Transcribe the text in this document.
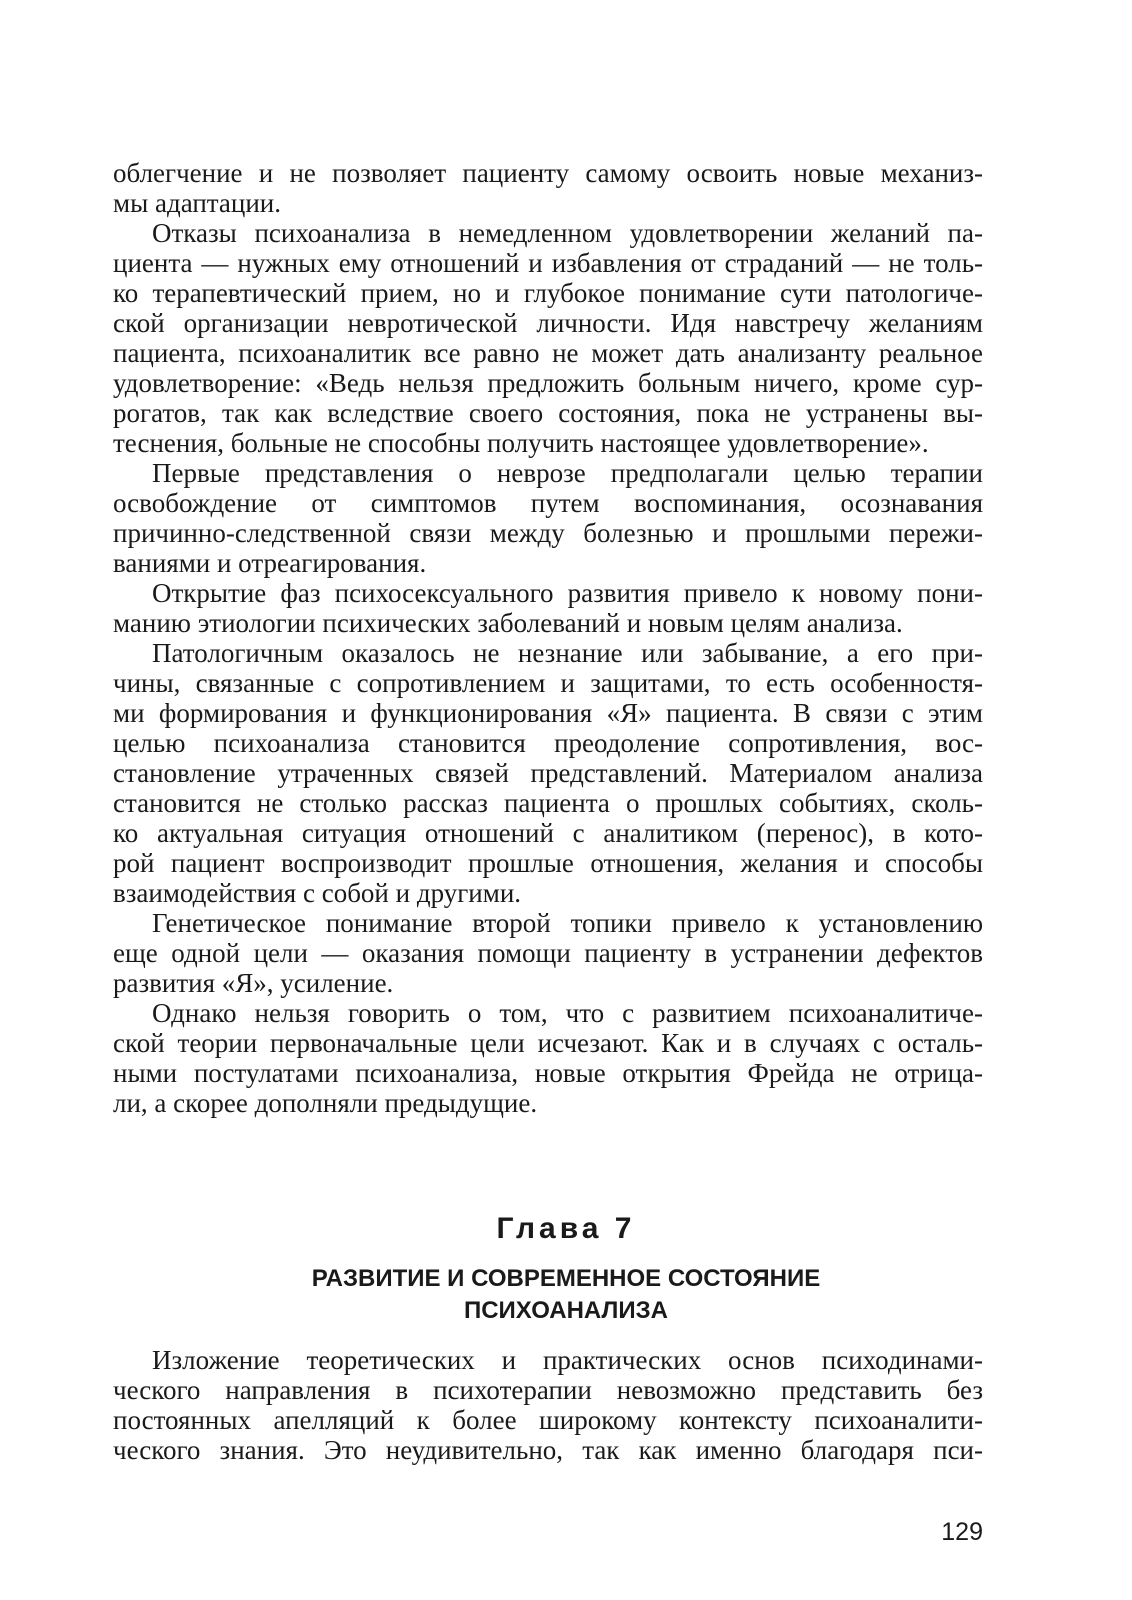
облегчение и не позволяет пациенту самому освоить новые механиз-

мы адаптации.

Отказы психоанализа в немедленном удовлетворении желаний па-

циента — нужных ему отношений и избавления от страданий — не толь-

ко терапевтический прием, но и глубокое понимание сути патологиче-

ской организации невротической личности. Идя навстречу желаниям

пациента, психоаналитик все равно не может дать анализанту реальное

удовлетворение: «Ведь нельзя предложить больным ничего, кроме сур-

рогатов, так как вследствие своего состояния, пока не устранены вы-

теснения, больные не способны получить настоящее удовлетворение».

Первые представления о неврозе предполагали целью терапии

освобождение от симптомов путем воспоминания, осознавания

причинно-следственной связи между болезнью и прошлыми пережи-

ваниями и отреагирования.

Открытие фаз психосексуального развития привело к новому пони-

манию этиологии психических заболеваний и новым целям анализа.

Патологичным оказалось не незнание или забывание, а его при-

чины, связанные с сопротивлением и защитами, то есть особенностя-

ми формирования и функционирования «Я» пациента. В связи с этим

целью психоанализа становится преодоление сопротивления, вос-

становление утраченных связей представлений. Материалом анализа

становится не столько рассказ пациента о прошлых событиях, сколь-

ко актуальная ситуация отношений с аналитиком (перенос), в кото-

рой пациент воспроизводит прошлые отношения, желания и способы

взаимодействия с собой и другими.

Генетическое понимание второй топики привело к установлению

еще одной цели — оказания помощи пациенту в устранении дефектов

развития «Я», усиление.

Однако нельзя говорить о том, что с развитием психоаналитиче-

ской теории первоначальные цели исчезают. Как и в случаях с осталь-

ными постулатами психоанализа, новые открытия Фрейда не отрица-

ли, а скорее дополняли предыдущие.

Глава 7
РАЗВИТИЕ И СОВРЕМЕННОЕ СОСТОЯНИЕ
ПСИХОАНАЛИЗА

Изложение теоретических и практических основ психодинами-

ческого направления в психотерапии невозможно представить без

постоянных апелляций к более широкому контексту психоаналити-

ческого знания. Это неудивительно, так как именно благодаря пси-

129
